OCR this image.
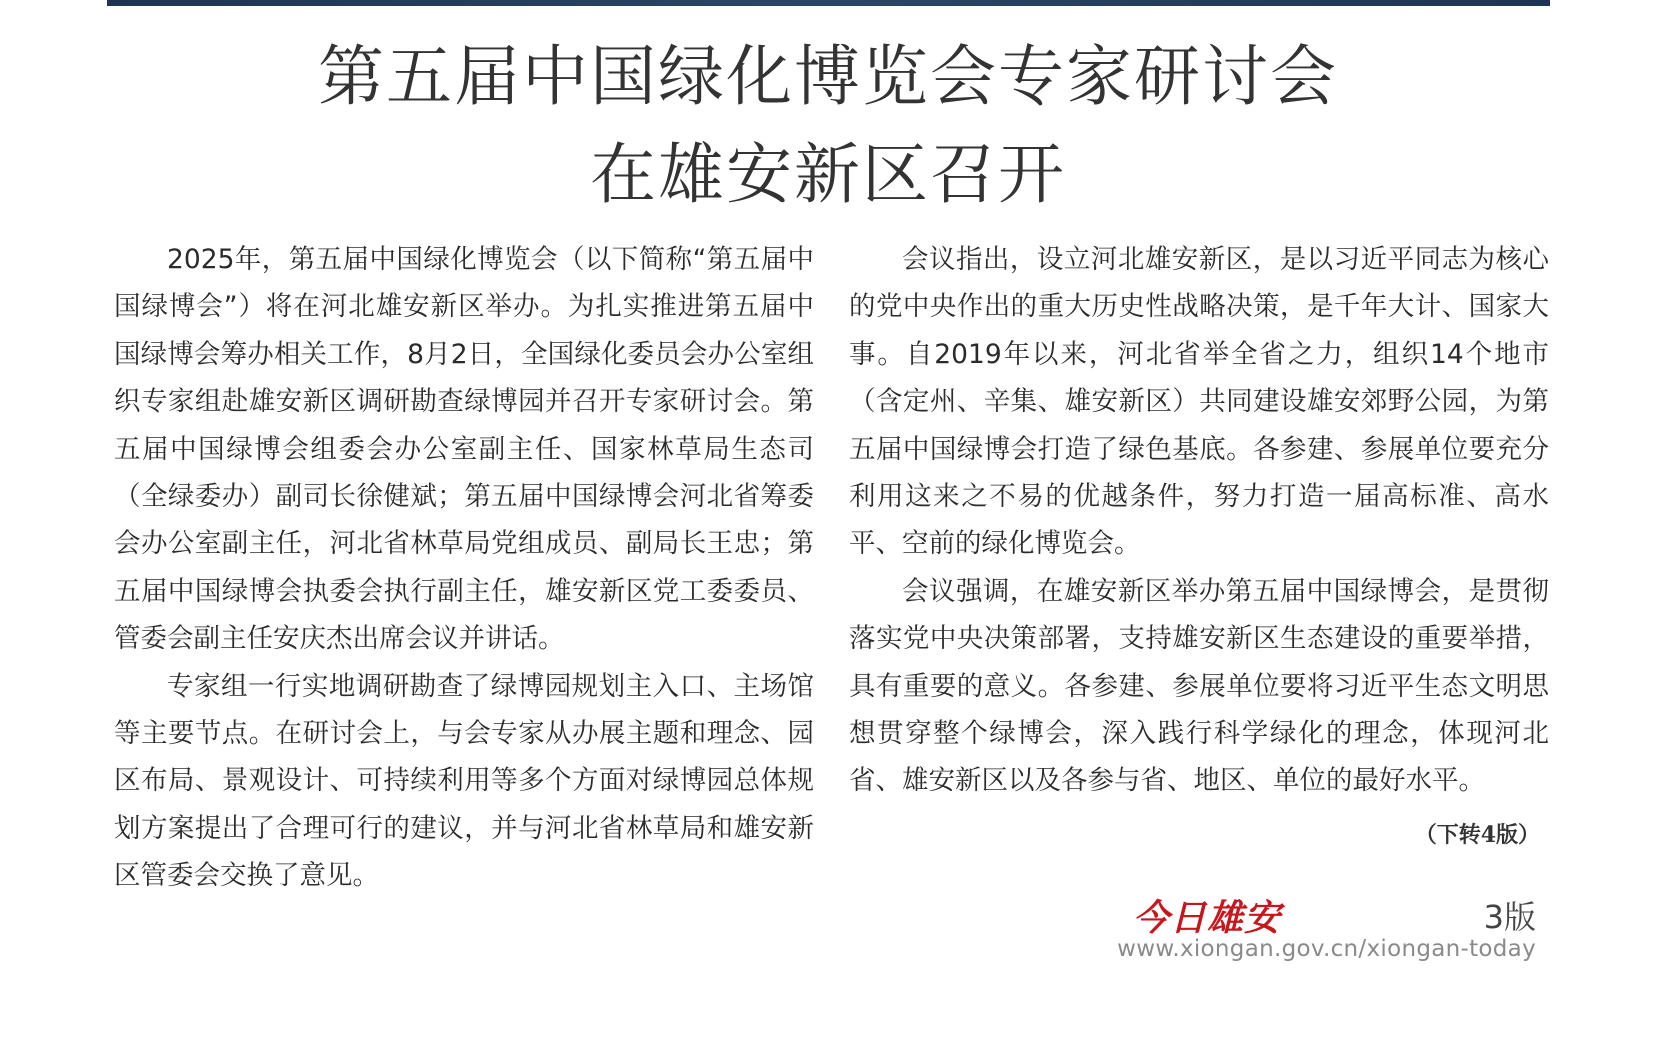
第五届中国绿化博览会专家研讨会
在雄安新区召开

2025年，第五届中国绿化博览会（以下简称“第五届中国绿博会”）将在河北雄安新区举办。为扎实推进第五届中国绿博会筹办相关工作，8月2日，全国绿化委员会办公室组织专家组赴雄安新区调研勘查绿博园并召开专家研讨会。第五届中国绿博会组委会办公室副主任、国家林草局生态司（全绿委办）副司长徐健斌；第五届中国绿博会河北省筹委会办公室副主任，河北省林草局党组成员、副局长王忠；第五届中国绿博会执委会执行副主任，雄安新区党工委委员、管委会副主任安庆杰出席会议并讲话。

专家组一行实地调研勘查了绿博园规划主入口、主场馆等主要节点。在研讨会上，与会专家从办展主题和理念、园区布局、景观设计、可持续利用等多个方面对绿博园总体规划方案提出了合理可行的建议，并与河北省林草局和雄安新区管委会交换了意见。

会议指出，设立河北雄安新区，是以习近平同志为核心的党中央作出的重大历史性战略决策，是千年大计、国家大事。自2019年以来，河北省举全省之力，组织14个地市（含定州、辛集、雄安新区）共同建设雄安郊野公园，为第五届中国绿博会打造了绿色基底。各参建、参展单位要充分利用这来之不易的优越条件，努力打造一届高标准、高水平、空前的绿化博览会。

会议强调，在雄安新区举办第五届中国绿博会，是贯彻落实党中央决策部署，支持雄安新区生态建设的重要举措，具有重要的意义。各参建、参展单位要将习近平生态文明思想贯穿整个绿博会，深入践行科学绿化的理念，体现河北省、雄安新区以及各参与省、地区、单位的最好水平。

（下转4版）
今日雄安	3版
www.xiongan.gov.cn/xiongan-today
